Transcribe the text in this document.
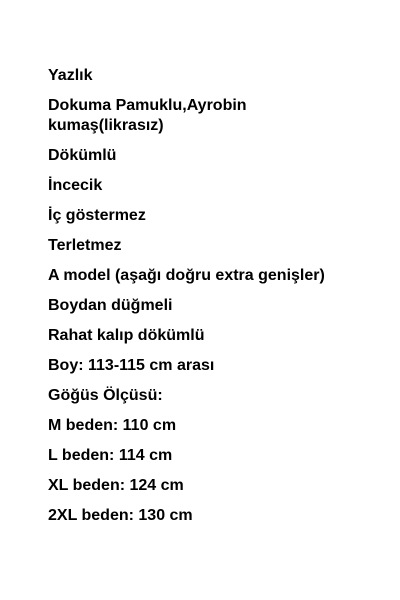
Yazlık
Dokuma Pamuklu,Ayrobin kumaş(likrasız)
Dökümlü
İncecik
İç göstermez
Terletmez
A model (aşağı doğru extra genişler)
Boydan düğmeli
Rahat kalıp dökümlü
Boy: 113-115 cm arası
Göğüs Ölçüsü:
M beden: 110 cm
L beden: 114 cm
XL beden: 124 cm
2XL beden: 130 cm
